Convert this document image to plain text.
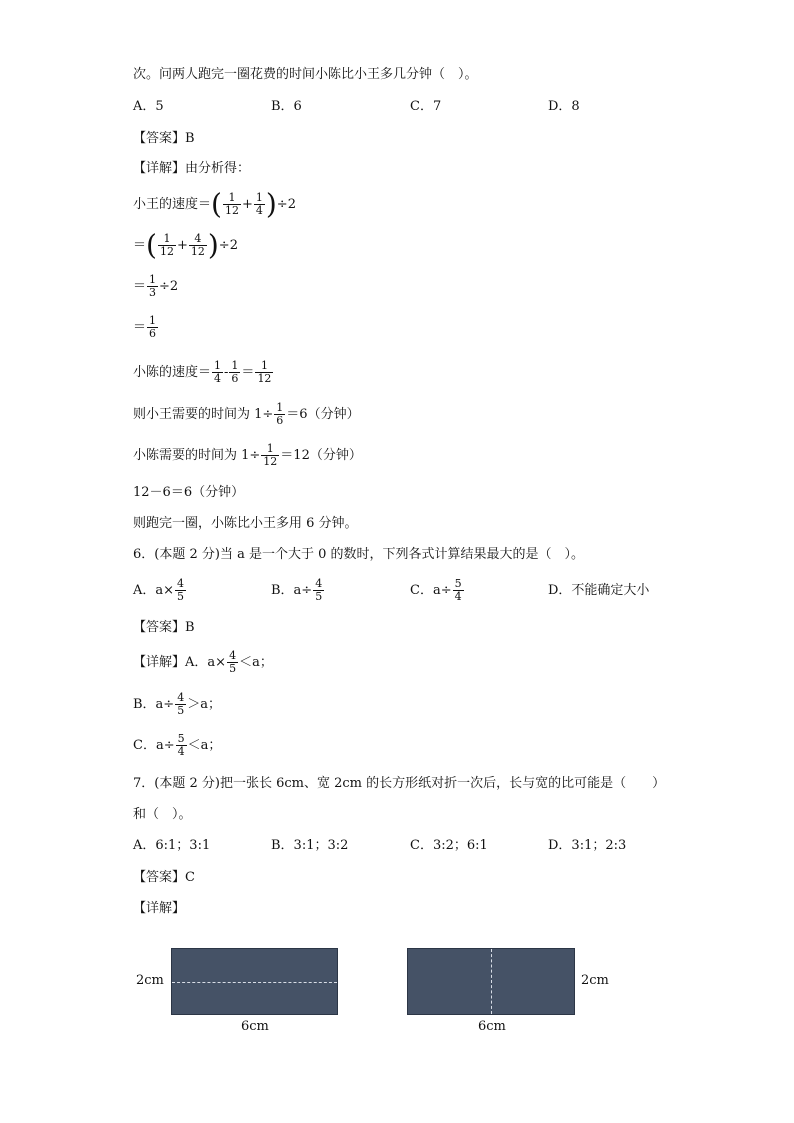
次。问两人跑完一圈花费的时间小陈比小王多几分钟（　）。
A．5	B．6	C．7	D．8
【答案】B
【详解】由分析得：
小王的速度＝( $\frac{1}{12} + \frac{1}{4} )\div 2$
＝( $\frac{1}{12} + \frac{4}{12} )\div 2$
＝ $\frac{1}{3} \div 2$
＝ $\frac{1}{6}$
小陈的速度＝ $\frac{1}{4} - \frac{1}{6} = \frac{1}{12}$
则小王需要的时间为 $1\div \frac{1}{6} =6$（分钟）
小陈需要的时间为 $1\div \frac{1}{12} =12$（分钟）
12－6＝6（分钟）
则跑完一圈，小陈比小王多用 6 分钟。
6．(本题 2 分)当 a 是一个大于 0 的数时，下列各式计算结果最大的是（　）。
A．$a\times \frac{4}{5}$	B．$a\div \frac{4}{5}$	C．$a\div \frac{5}{4}$	D．不能确定大小
【答案】B
【详解】A．$a\times \frac{4}{5} <a$；
B．$a\div \frac{4}{5} >a$；
C．$a\div \frac{5}{4} <a$；
7．(本题 2 分)把一张长 6cm、宽 2cm 的长方形纸对折一次后，长与宽的比可能是（　　）
和（　）。
A．6:1；3:1	B．3:1；3:2	C．3:2；6:1	D．3:1；2:3
【答案】C
【详解】
2cm
6cm
2cm
6cm
